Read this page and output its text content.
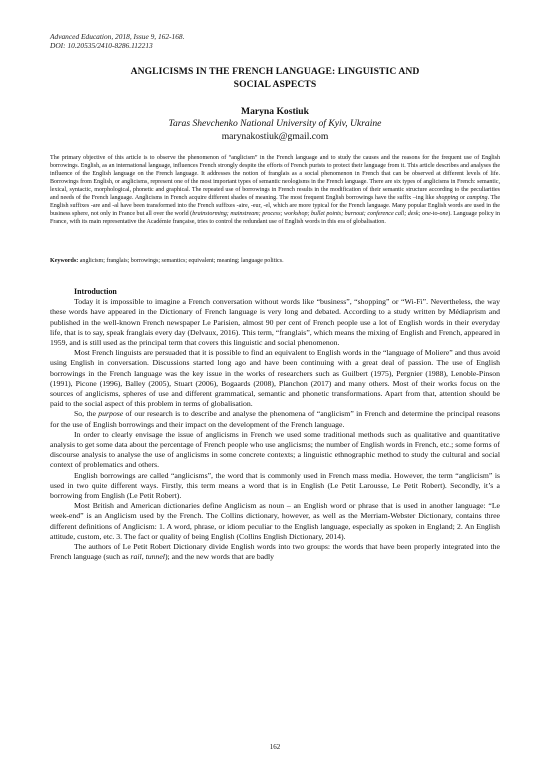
Advanced Education, 2018, Issue 9, 162-168.
DOI: 10.20535/2410-8286.112213
ANGLICISMS IN THE FRENCH LANGUAGE: LINGUISTIC AND
SOCIAL ASPECTS
Maryna Kostiuk
Taras Shevchenko National University of Kyiv, Ukraine
marynakostiuk@gmail.com

The primary objective of this article is to observe the phenomenon of “anglicism” in the French language and to study the causes and the reasons for the frequent use of English borrowings. English, as an international language, influences French strongly despite the efforts of French purists to protect their language from it. This article describes and analyses the influence of the English language on the French language. It addresses the notion of franglais as a social phenomenon in French that can be observed at different levels of life. Borrowings from English, or anglicisms, represent one of the most important types of semantic neologisms in the French language. There are six types of anglicisms in French: semantic, lexical, syntactic, morphological, phonetic and graphical. The repeated use of borrowings in French results in the modification of their semantic structure according to the peculiarities and needs of the French language. Anglicisms in French acquire different shades of meaning. The most frequent English borrowings have the suffix –ing like shopping or camping. The English suffixes -are and -al have been transformed into the French suffixes -aire, -eur, -el, which are more typical for the French language. Many popular English words are used in the business sphere, not only in France but all over the world (brainstorming; mainstream; process; workshop; bullet points; burnout; conference call; desk; one-to-one). Language policy in France, with its main representative the Académie française, tries to control the redundant use of English words in this era of globalisation.

Keywords: anglicism; franglais; borrowings; semantics; equivalent; meaning; language politics.

Introduction

Today it is impossible to imagine a French conversation without words like “business”, “shopping” or “Wi-Fi”. Nevertheless, the way these words have appeared in the Dictionary of French language is very long and debated. According to a study written by Médiaprism and published in the well-known French newspaper Le Parisien, almost 90 per cent of French people use a lot of English words in their everyday life, that is to say, speak franglais every day (Delvaux, 2016). This term, “franglais”, which means the mixing of English and French, appeared in 1959, and is still used as the principal term that covers this linguistic and social phenomenon.

Most French linguists are persuaded that it is possible to find an equivalent to English words in the “language of Moliere” and thus avoid using English in conversation. Discussions started long ago and have been continuing with a great deal of passion. The use of English borrowings in the French language was the key issue in the works of researchers such as Guilbert (1975), Pergnier (1988), Lenoble-Pinson (1991), Picone (1996), Balley (2005), Stuart (2006), Bogaards (2008), Planchon (2017) and many others. Most of their works focus on the sources of anglicisms, spheres of use and different grammatical, semantic and phonetic transformations. Apart from that, attention should be paid to the social aspect of this problem in terms of globalisation.

So, the purpose of our research is to describe and analyse the phenomena of “anglicism” in French and determine the principal reasons for the use of English borrowings and their impact on the development of the French language.

In order to clearly envisage the issue of anglicisms in French we used some traditional methods such as qualitative and quantitative analysis to get some data about the percentage of French people who use anglicisms; the number of English words in French, etc.; some forms of discourse analysis to analyse the use of anglicisms in some concrete contexts; a linguistic ethnographic method to study the cultural and social context of problematics and others.

English borrowings are called “anglicisms”, the word that is commonly used in French mass media. However, the term “anglicism” is used in two quite different ways. Firstly, this term means a word that is in English (Le Petit Larousse, Le Petit Robert). Secondly, it’s a borrowing from English (Le Petit Robert).

Most British and American dictionaries define Anglicism as noun – an English word or phrase that is used in another language: “Le week-end” is an Anglicism used by the French. The Collins dictionary, however, as well as the Merriam-Webster Dictionary, contains three different definitions of Anglicism: 1. A word, phrase, or idiom peculiar to the English language, especially as spoken in England; 2. An English attitude, custom, etc. 3. The fact or quality of being English (Collins English Dictionary, 2014).

The authors of Le Petit Robert Dictionary divide English words into two groups: the words that have been properly integrated into the French language (such as rail, tunnel); and the new words that are badly

162
